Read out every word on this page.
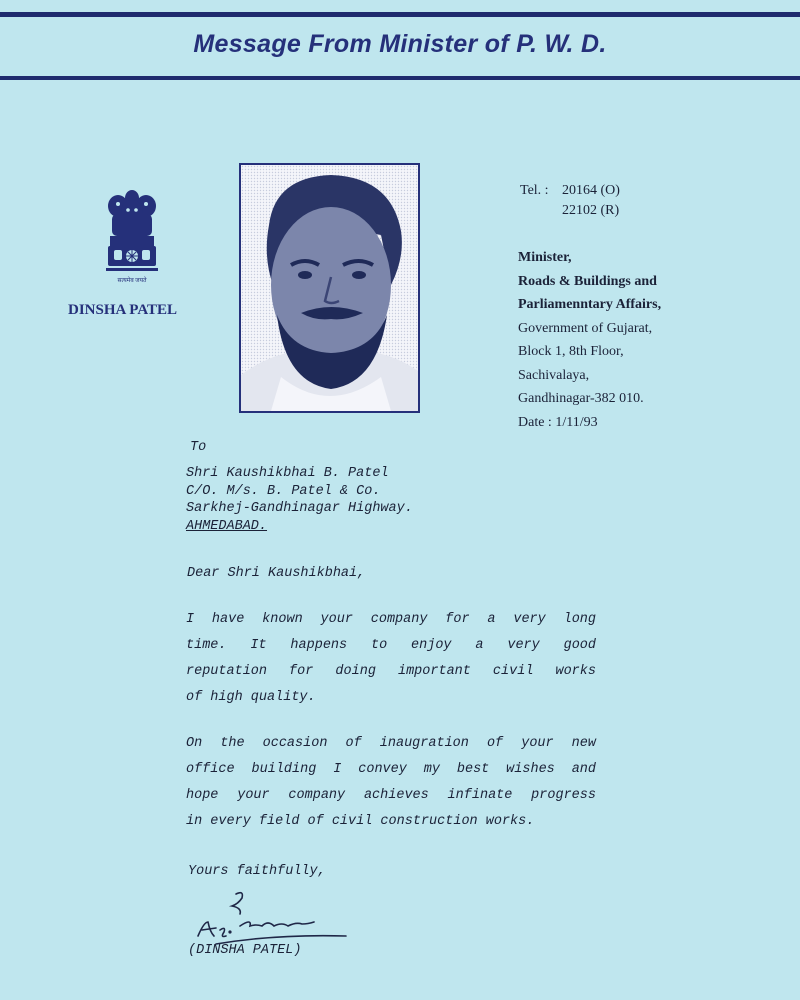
Message From Minister of P. W. D.
सत्यमेव जयते
DINSHA PATEL
Tel. : 20164 (O)
22102 (R)
Minister,
Roads & Buildings and
Parliamenntary Affairs,
Government of Gujarat,
Block 1, 8th Floor,
Sachivalaya,
Gandhinagar-382 010.
Date : 1/11/93
To
Shri Kaushikbhai B. Patel
C/O. M/s. B. Patel & Co.
Sarkhej-Gandhinagar Highway.
AHMEDABAD.
Dear Shri Kaushikbhai,
I have known your company for a very long
time. It happens to enjoy a very good
reputation for doing important civil works
of high quality.
On the occasion of inaugration of your new
office building I convey my best wishes and
hope your company achieves infinate progress
in every field of civil construction works.
Yours faithfully,
(DINSHA PATEL)
